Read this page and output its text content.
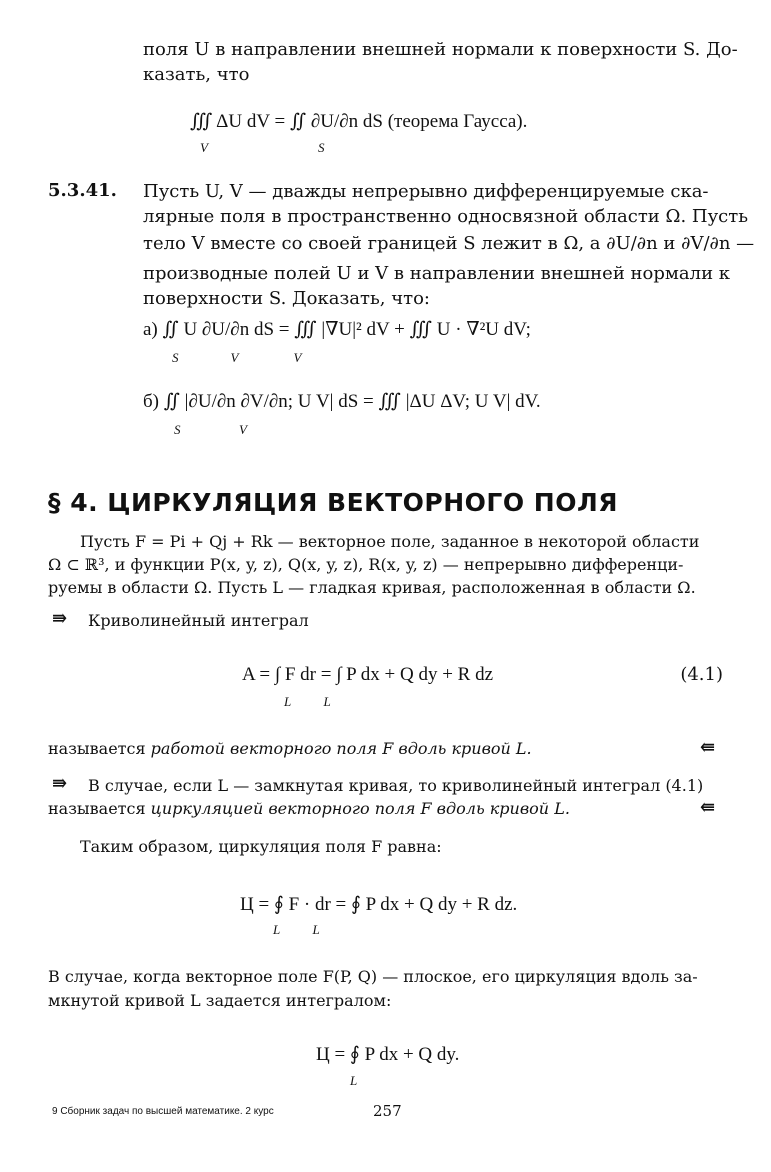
поля U в направлении внешней нормали к поверхности S. До-
казать, что
∭ ΔU dV = ∬ ∂U/∂n dS (теорема Гаусса).
V	S
5.3.41. Пусть U, V — дважды непрерывно дифференцируемые ска-
лярные поля в пространственно односвязной области Ω. Пусть
тело V вместе со своей границей S лежит в Ω, а ∂U/∂n и ∂V/∂n —
производные полей U и V в направлении внешней нормали к
поверхности S. Доказать, что:
а) ∬ U ∂U/∂n dS = ∭ |∇U|² dV + ∭ U · ∇²U dV;
S                V                 V
б) ∬ |∂U/∂n ∂V/∂n; U V| dS = ∭ |ΔU ΔV; U V| dV.
S                  V
§ 4. ЦИРКУЛЯЦИЯ ВЕКТОРНОГО ПОЛЯ
Пусть F = Pi + Qj + Rk — векторное поле, заданное в некоторой области
Ω ⊂ ℝ³, и функции P(x, y, z), Q(x, y, z), R(x, y, z) — непрерывно дифференци-
руемы в области Ω. Пусть L — гладкая кривая, расположенная в области Ω.
⇛ Криволинейный интеграл
A = ∫ F dr = ∫ P dx + Q dy + R dz
L          L
(4.1)
называется работой векторного поля F вдоль кривой L.	⇚
⇛ В случае, если L — замкнутая кривая, то криволинейный интеграл (4.1)
называется циркуляцией векторного поля F вдоль кривой L.	⇚
Таким образом, циркуляция поля F равна:
Ц = ∮ F · dr = ∮ P dx + Q dy + R dz.
L          L
В случае, когда векторное поле F(P, Q) — плоское, его циркуляция вдоль за-
мкнутой кривой L задается интегралом:
Ц = ∮ P dx + Q dy.
L
9 Сборник задач по высшей математике. 2 курс	257
